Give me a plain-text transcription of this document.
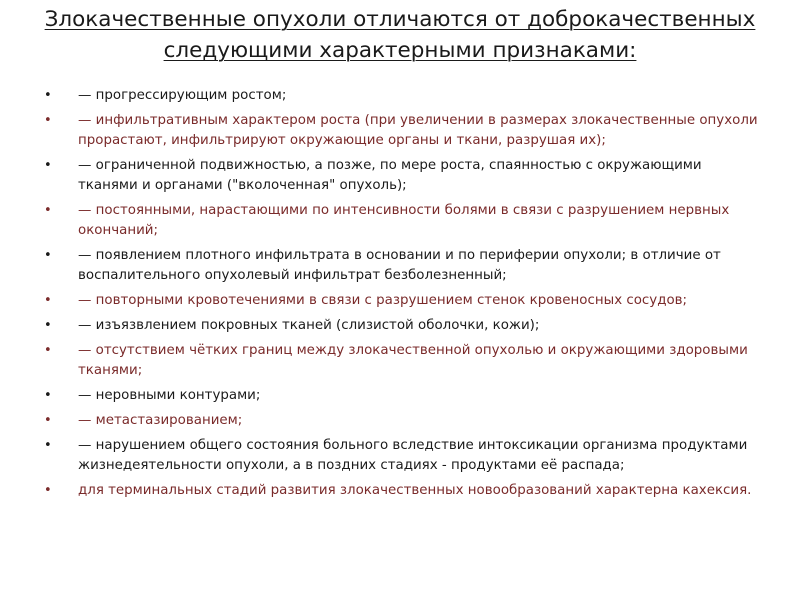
Злокачественные опухоли отличаются от доброкачественных следующими характерными признаками:
• — прогрессирующим ростом;
• — инфильтративным характером роста (при увеличении в размерах злокачественные опухоли прорастают, инфильтрируют окружающие органы и ткани, разрушая их);
• — ограниченной подвижностью, а позже, по мере роста, спаянностью с окружающими тканями и органами ("вколоченная" опухоль);
• — постоянными, нарастающими по интенсивности болями в связи с разрушением нервных окончаний;
• — появлением плотного инфильтрата в основании и по периферии опухоли; в отличие от воспалительного опухолевый инфильтрат безболезненный;
• — повторными кровотечениями в связи с разрушением стенок кровеносных сосудов;
• — изъязвлением покровных тканей (слизистой оболочки, кожи);
• — отсутствием чётких границ между злокачественной опухолью и окружающими здоровыми тканями;
• — неровными контурами;
• — метастазированием;
• — нарушением общего состояния больного вследствие интоксикации организма продуктами жизнедеятельности опухоли, а в поздних стадиях - продуктами её распада;
• для терминальных стадий развития злокачественных новообразований характерна кахексия.
